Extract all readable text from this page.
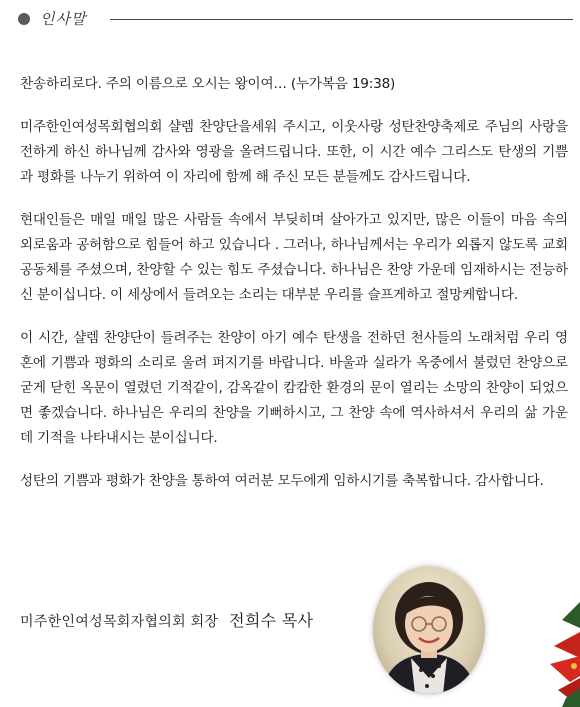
인사말

찬송하리로다. 주의 이름으로 오시는 왕이여… (누가복음 19:38)

미주한인여성목회협의회 샬렘 찬양단을세워 주시고, 이웃사랑 성탄찬양축제로 주님의 사랑을 전하게 하신 하나님께 감사와 영광을 올려드립니다. 또한, 이 시간 예수 그리스도 탄생의 기쁨과 평화를 나누기 위하여 이 자리에 함께 해 주신 모든 분들께도 감사드립니다.

현대인들은 매일 매일 많은 사람들 속에서 부딪히며 살아가고 있지만, 많은 이들이 마음 속의 외로움과 공허함으로 힘들어 하고 있습니다 . 그러나, 하나님께서는 우리가 외롭지 않도록 교회 공동체를 주셨으며, 찬양할 수 있는 힘도 주셨습니다. 하나님은 찬양 가운데 임재하시는 전능하신 분이십니다. 이 세상에서 들려오는 소리는 대부분 우리를 슬프게하고 절망케합니다.

이 시간, 샬렘 찬양단이 들려주는 찬양이 아기 예수 탄생을 전하던 천사들의 노래처럼 우리 영혼에 기쁨과 평화의 소리로 울려 퍼지기를 바랍니다. 바울과 실라가 옥중에서 불렀던 찬양으로 굳게 닫힌 옥문이 열렸던 기적같이, 감옥같이 캄캄한 환경의 문이 열리는 소망의 찬양이 되었으면 좋겠습니다. 하나님은 우리의 찬양을 기뻐하시고, 그 찬양 속에 역사하셔서 우리의 삶 가운데 기적을 나타내시는 분이십니다.

성탄의 기쁨과 평화가 찬양을 통하여 여러분 모두에게 임하시기를 축복합니다. 감사합니다.

미주한인여성목회자협의회 회장 전희수 목사
